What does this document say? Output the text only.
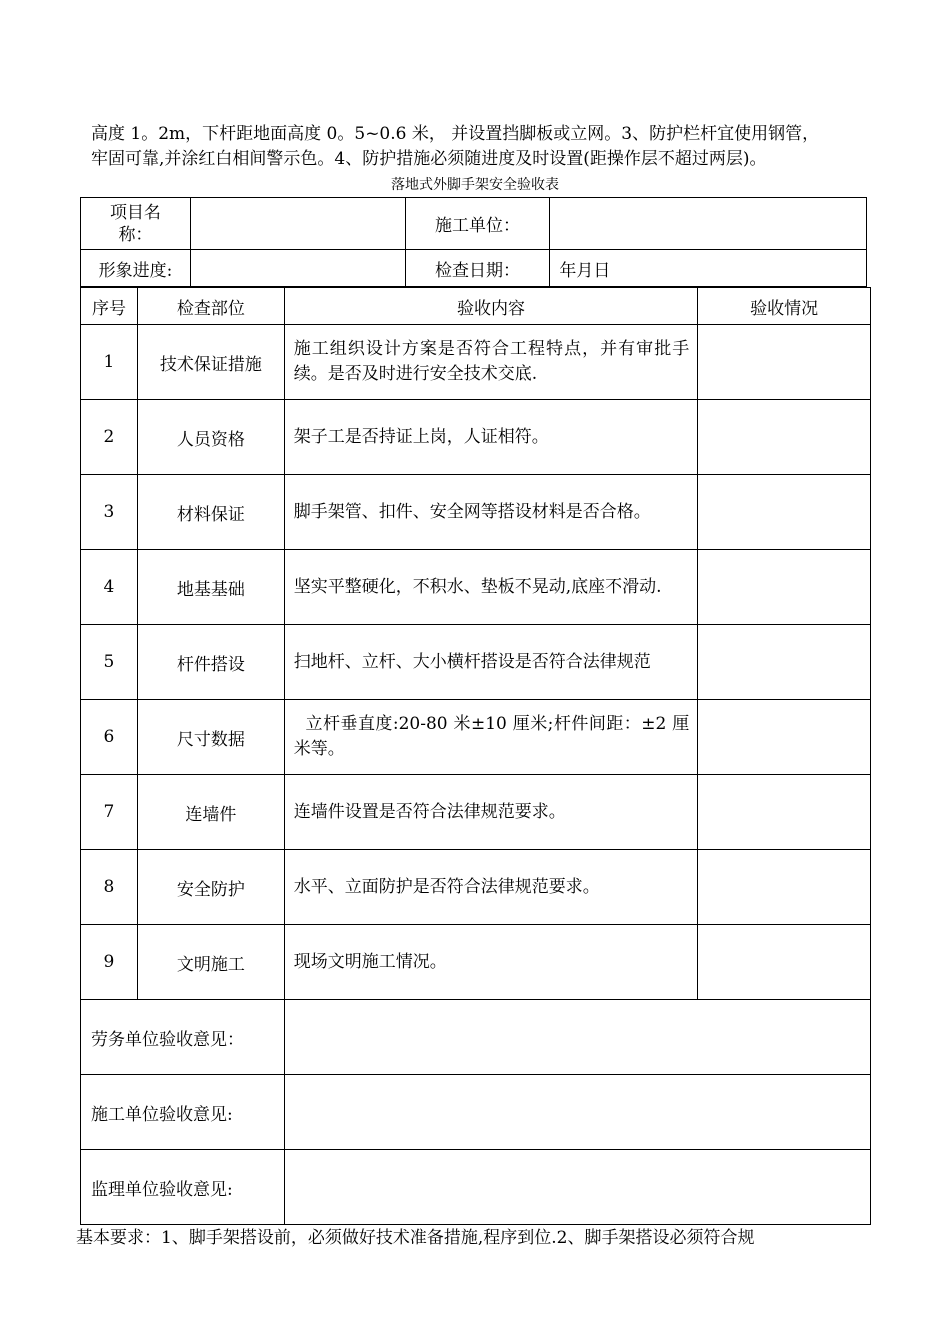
高度 1。2m，下杆距地面高度 0。5~0.6 米， 并设置挡脚板或立网。3、防护栏杆宜使用钢管，
牢固可靠,并涂红白相间警示色。4、防护措施必须随进度及时设置(距操作层不超过两层)。
落地式外脚手架安全验收表
项目名
称：		施工单位：	
形象进度:		检查日期：	年月日
序号	检查部位	验收内容	验收情况
1	技术保证措施	施工组织设计方案是否符合工程特点，并有审批手续。是否及时进行安全技术交底.	
2	人员资格	架子工是否持证上岗，人证相符。	
3	材料保证	脚手架管、扣件、安全网等搭设材料是否合格。	
4	地基基础	坚实平整硬化，不积水、垫板不晃动,底座不滑动.	
5	杆件搭设	扫地杆、立杆、大小横杆搭设是否符合法律规范	
6	尺寸数据	立杆垂直度:20-80 米±10 厘米;杆件间距：±2 厘米等。	
7	连墙件	连墙件设置是否符合法律规范要求。	
8	安全防护	水平、立面防护是否符合法律规范要求。	
9	文明施工	现场文明施工情况。	
劳务单位验收意见：			
施工单位验收意见:			
监理单位验收意见:			
基本要求：1、脚手架搭设前，必须做好技术准备措施,程序到位.2、脚手架搭设必须符合规
